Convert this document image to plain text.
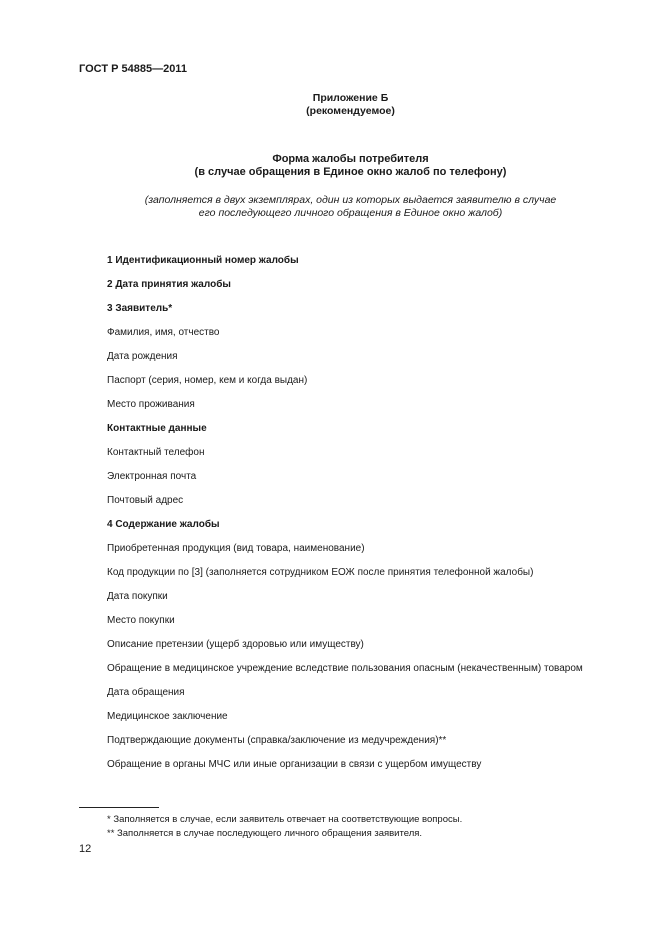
ГОСТ Р 54885—2011
Приложение Б
(рекомендуемое)
Форма жалобы потребителя
(в случае обращения в Единое окно жалоб по телефону)
(заполняется в двух экземплярах, один из которых выдается заявителю в случае
его последующего личного обращения в Единое окно жалоб)
1 Идентификационный номер жалобы
2 Дата принятия жалобы
3 Заявитель*
Фамилия, имя, отчество
Дата рождения
Паспорт (серия, номер, кем и когда выдан)
Место проживания
Контактные данные
Контактный телефон
Электронная почта
Почтовый адрес
4 Содержание жалобы
Приобретенная продукция (вид товара, наименование)
Код продукции по [3] (заполняется сотрудником ЕОЖ после принятия телефонной жалобы)
Дата покупки
Место покупки
Описание претензии (ущерб здоровью или имуществу)
Обращение в медицинское учреждение вследствие пользования опасным (некачественным) товаром
Дата обращения
Медицинское заключение
Подтверждающие документы (справка/заключение из медучреждения)**
Обращение в органы МЧС или иные организации в связи с ущербом имуществу
* Заполняется в случае, если заявитель отвечает на соответствующие вопросы.
** Заполняется в случае последующего личного обращения заявителя.
12
